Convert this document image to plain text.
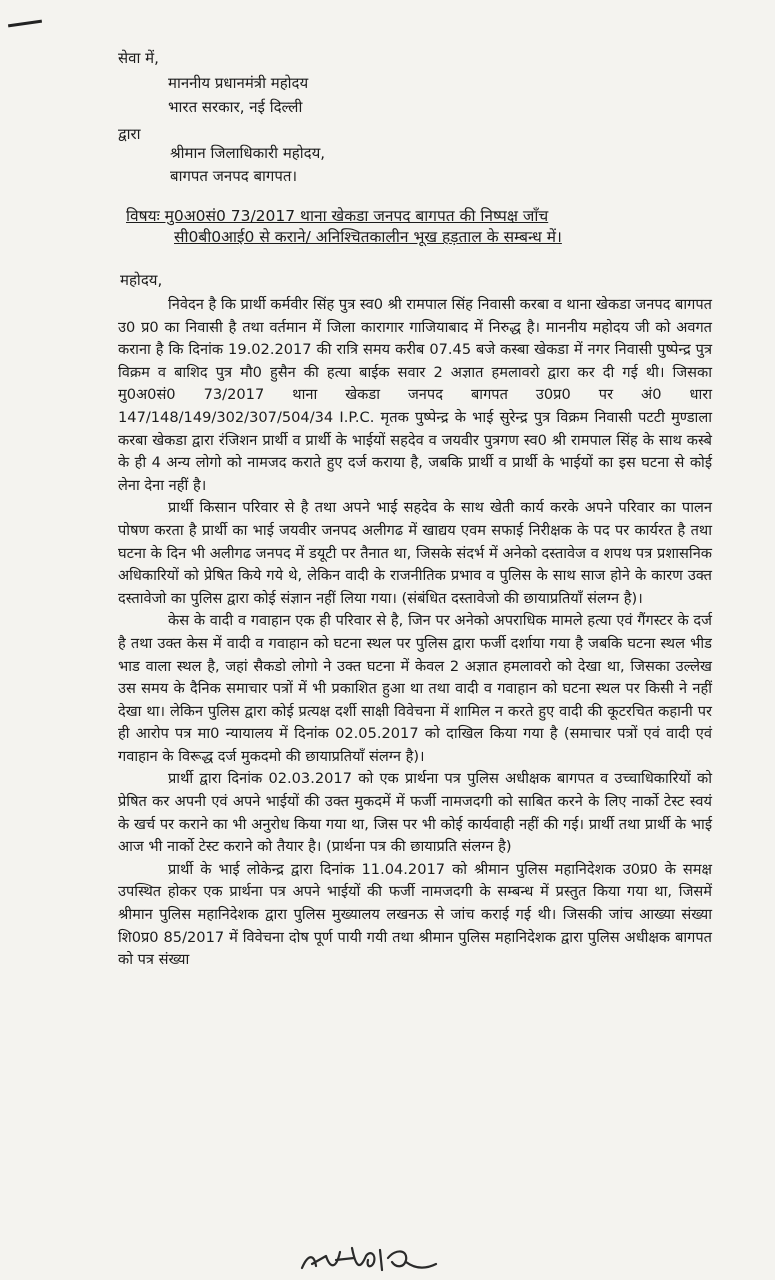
सेवा में,
माननीय प्रधानमंत्री महोदय
भारत सरकार, नई दिल्ली
द्वारा
श्रीमान जिलाधिकारी महोदय,
बागपत जनपद बागपत।
विषयः मु0अ0सं0 73/2017 थाना खेकडा जनपद बागपत की निष्पक्ष जाँच
सी0बी0आई0 से कराने/ अनिश्चितकालीन भूख हड़ताल के सम्बन्ध में।
महोदय,

निवेदन है कि प्रार्थी कर्मवीर सिंह पुत्र स्व0 श्री रामपाल सिंह निवासी करबा व थाना खेकडा जनपद बागपत उ0 प्र0 का निवासी है तथा वर्तमान में जिला कारागार गाजियाबाद में निरुद्ध है। माननीय महोदय जी को अवगत कराना है कि दिनांक 19.02.2017 की रात्रि समय करीब 07.45 बजे कस्बा खेकडा में नगर निवासी पुष्पेन्द्र पुत्र विक्रम व बाशिद पुत्र मौ0 हुसैन की हत्या बाईक सवार 2 अज्ञात हमलावरो द्वारा कर दी गई थी। जिसका मु0अ0सं0 73/2017 थाना खेकडा जनपद बागपत उ0प्र0 पर अं0 धारा 147/148/149/302/307/504/34 I.P.C. मृतक पुष्पेन्द्र के भाई सुरेन्द्र पुत्र विक्रम निवासी पटटी मुण्डाला करबा खेकडा द्वारा रंजिशन प्रार्थी व प्रार्थी के भाईयों सहदेव व जयवीर पुत्रगण स्व0 श्री रामपाल सिंह के साथ कस्बे के ही 4 अन्य लोगो को नामजद कराते हुए दर्ज कराया है, जबकि प्रार्थी व प्रार्थी के भाईयों का इस घटना से कोई लेना देना नहीं है।

प्रार्थी किसान परिवार से है तथा अपने भाई सहदेव के साथ खेती कार्य करके अपने परिवार का पालन पोषण करता है प्रार्थी का भाई जयवीर जनपद अलीगढ में खाद्यय एवम सफाई निरीक्षक के पद पर कार्यरत है तथा घटना के दिन भी अलीगढ जनपद में डयूटी पर तैनात था, जिसके संदर्भ में अनेको दस्तावेज व शपथ पत्र प्रशासनिक अधिकारियों को प्रेषित किये गये थे, लेकिन वादी के राजनीतिक प्रभाव व पुलिस के साथ साज होने के कारण उक्त दस्तावेजो का पुलिस द्वारा कोई संज्ञान नहीं लिया गया। (संबंधित दस्तावेजो की छायाप्रतियॉं संलग्न है)।

केस के वादी व गवाहान एक ही परिवार से है, जिन पर अनेको अपराधिक मामले हत्या एवं गैंगस्टर के दर्ज है तथा उक्त केस में वादी व गवाहान को घटना स्थल पर पुलिस द्वारा फर्जी दर्शाया गया है जबकि घटना स्थल भीड भाड वाला स्थल है, जहां सैकडो लोगो ने उक्त घटना में केवल 2 अज्ञात हमलावरो को देखा था, जिसका उल्लेख उस समय के दैनिक समाचार पत्रों में भी प्रकाशित हुआ था तथा वादी व गवाहान को घटना स्थल पर किसी ने नहीं देखा था। लेकिन पुलिस द्वारा कोई प्रत्यक्ष दर्शी साक्षी विवेचना में शामिल न करते हुए वादी की कूटरचित कहानी पर ही आरोप पत्र मा0 न्यायालय में दिनांक 02.05.2017 को दाखिल किया गया है (समाचार पत्रों एवं वादी एवं गवाहान के विरूद्ध दर्ज मुकदमो की छायाप्रतियॉं संलग्न है)।

प्रार्थी द्वारा दिनांक 02.03.2017 को एक प्रार्थना पत्र पुलिस अधीक्षक बागपत व उच्चाधिकारियों को प्रेषित कर अपनी एवं अपने भाईयों की उक्त मुकदमें में फर्जी नामजदगी को साबित करने के लिए नार्को टेस्ट स्वयं के खर्च पर कराने का भी अनुरोध किया गया था, जिस पर भी कोई कार्यवाही नहीं की गई। प्रार्थी तथा प्रार्थी के भाई आज भी नार्को टेस्ट कराने को तैयार है। (प्रार्थना पत्र की छायाप्रति संलग्न है)

प्रार्थी के भाई लोकेन्द्र द्वारा दिनांक 11.04.2017 को श्रीमान पुलिस महानिदेशक उ0प्र0 के समक्ष उपस्थित होकर एक प्रार्थना पत्र अपने भाईयों की फर्जी नामजदगी के सम्बन्ध में प्रस्तुत किया गया था, जिसमें श्रीमान पुलिस महानिदेशक द्वारा पुलिस मुख्यालय लखनऊ से जांच कराई गई थी। जिसकी जांच आख्या संख्या शि0प्र0 85/2017 में विवेचना दोष पूर्ण पायी गयी तथा श्रीमान पुलिस महानिदेशक द्वारा पुलिस अधीक्षक बागपत को पत्र संख्या
